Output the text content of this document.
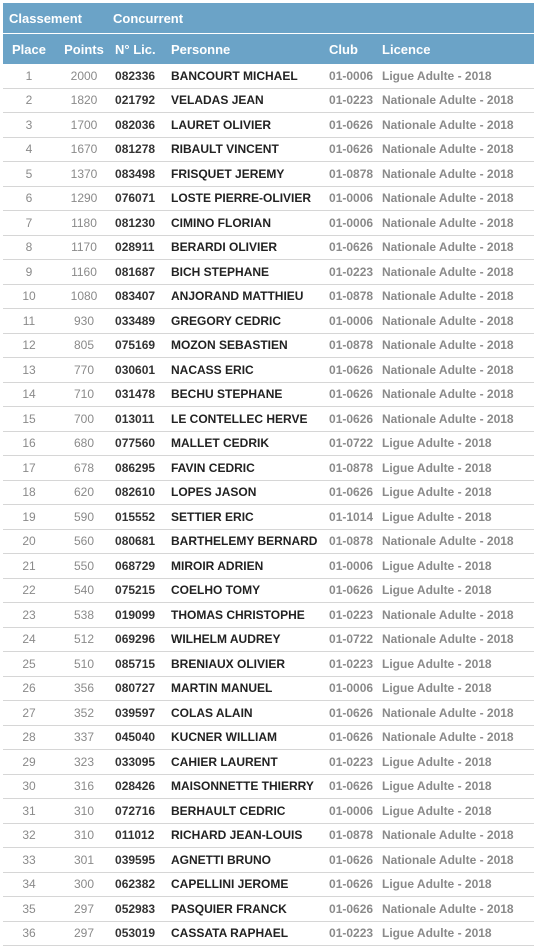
Classement		Concurrent			
Place	Points	N° Lic.	Personne	Club	Licence
1	2000	082336	BANCOURT MICHAEL	01-0006	Ligue Adulte - 2018
2	1820	021792	VELADAS JEAN	01-0223	Nationale Adulte - 2018
3	1700	082036	LAURET OLIVIER	01-0626	Nationale Adulte - 2018
4	1670	081278	RIBAULT VINCENT	01-0626	Nationale Adulte - 2018
5	1370	083498	FRISQUET JEREMY	01-0878	Nationale Adulte - 2018
6	1290	076071	LOSTE PIERRE-OLIVIER	01-0006	Nationale Adulte - 2018
7	1180	081230	CIMINO FLORIAN	01-0006	Nationale Adulte - 2018
8	1170	028911	BERARDI OLIVIER	01-0626	Nationale Adulte - 2018
9	1160	081687	BICH STEPHANE	01-0223	Nationale Adulte - 2018
10	1080	083407	ANJORAND MATTHIEU	01-0878	Nationale Adulte - 2018
11	930	033489	GREGORY CEDRIC	01-0006	Nationale Adulte - 2018
12	805	075169	MOZON SEBASTIEN	01-0878	Nationale Adulte - 2018
13	770	030601	NACASS ERIC	01-0626	Nationale Adulte - 2018
14	710	031478	BECHU STEPHANE	01-0626	Nationale Adulte - 2018
15	700	013011	LE CONTELLEC HERVE	01-0626	Nationale Adulte - 2018
16	680	077560	MALLET CEDRIK	01-0722	Ligue Adulte - 2018
17	678	086295	FAVIN CEDRIC	01-0878	Ligue Adulte - 2018
18	620	082610	LOPES JASON	01-0626	Ligue Adulte - 2018
19	590	015552	SETTIER ERIC	01-1014	Ligue Adulte - 2018
20	560	080681	BARTHELEMY BERNARD	01-0878	Nationale Adulte - 2018
21	550	068729	MIROIR ADRIEN	01-0006	Ligue Adulte - 2018
22	540	075215	COELHO TOMY	01-0626	Ligue Adulte - 2018
23	538	019099	THOMAS CHRISTOPHE	01-0223	Nationale Adulte - 2018
24	512	069296	WILHELM AUDREY	01-0722	Nationale Adulte - 2018
25	510	085715	BRENIAUX OLIVIER	01-0223	Ligue Adulte - 2018
26	356	080727	MARTIN MANUEL	01-0006	Ligue Adulte - 2018
27	352	039597	COLAS ALAIN	01-0626	Nationale Adulte - 2018
28	337	045040	KUCNER WILLIAM	01-0626	Nationale Adulte - 2018
29	323	033095	CAHIER LAURENT	01-0223	Ligue Adulte - 2018
30	316	028426	MAISONNETTE THIERRY	01-0626	Ligue Adulte - 2018
31	310	072716	BERHAULT CEDRIC	01-0006	Ligue Adulte - 2018
32	310	011012	RICHARD JEAN-LOUIS	01-0878	Nationale Adulte - 2018
33	301	039595	AGNETTI BRUNO	01-0626	Nationale Adulte - 2018
34	300	062382	CAPELLINI JEROME	01-0626	Ligue Adulte - 2018
35	297	052983	PASQUIER FRANCK	01-0626	Nationale Adulte - 2018
36	297	053019	CASSATA RAPHAEL	01-0223	Ligue Adulte - 2018
